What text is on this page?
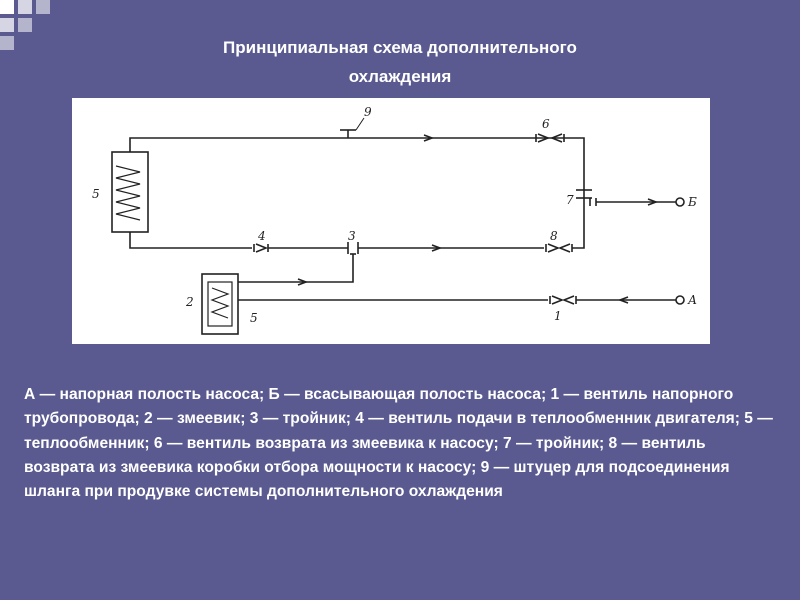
Принципиальная схема дополнительного
охлаждения
5
9
6
7	Б
4	3	8
2
5	1
А
А — напорная полость насоса; Б — всасывающая полость насоса; 1 — вентиль напорного трубопровода; 2 — змеевик; 3 — тройник; 4 — вентиль подачи в теплообменник двигателя; 5 — теплообменник; 6 — вентиль возврата из змеевика к насосу; 7 — тройник; 8 — вентиль возврата из змеевика коробки отбора мощности к насосу; 9 — штуцер для подсоединения шланга при продувке системы дополнительного охлаждения
